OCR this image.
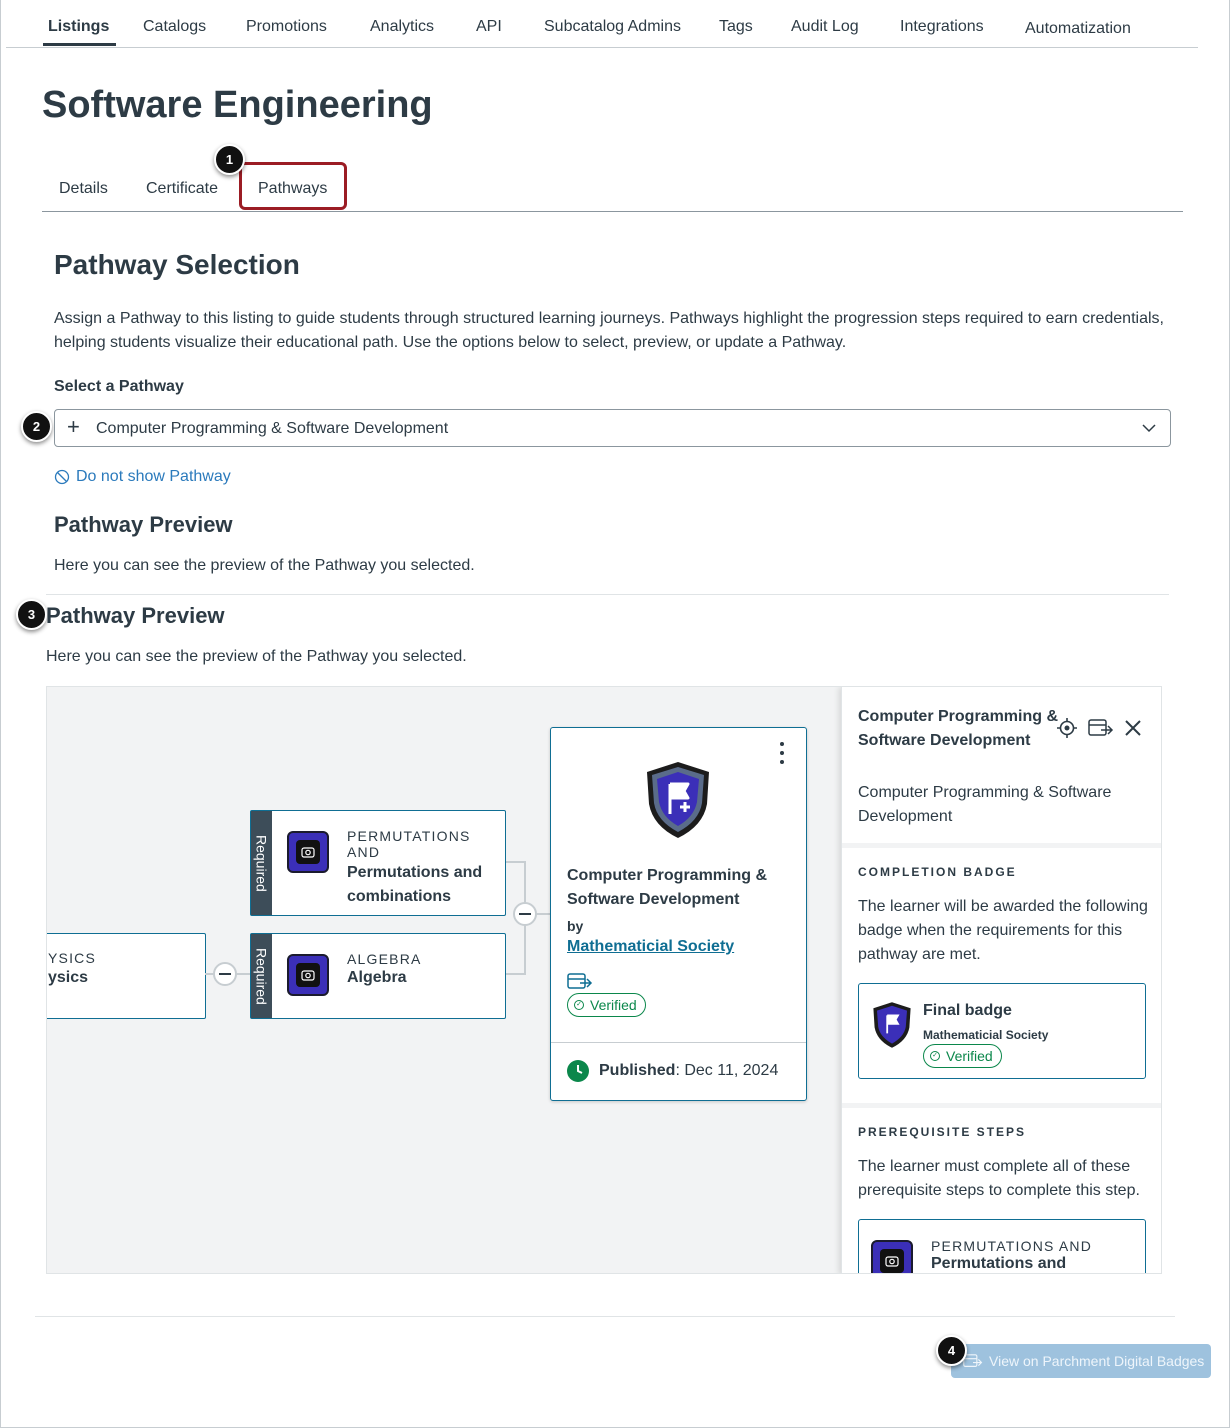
Listings Catalogs Promotions	Analytics	API	Subcatalog Admins Tags Audit Log	Integrations	Automatization
Software Engineering
Details Certificate Pathways
1
Pathway Selection

Assign a Pathway to this listing to guide students through structured learning journeys. Pathways highlight the progression steps required to earn credentials, helping students visualize their educational path. Use the options below to select, preview, or update a Pathway.

Select a Pathway
2	+ Computer Programming & Software Development
Do not show Pathway
Pathway Preview

Here you can see the preview of the Pathway you selected.

3 Pathway Preview

Here you can see the preview of the Pathway you selected.

YSICS
ysics
Required	PERMUTATIONS AND
Permutations and combinations
Required	ALGEBRA
Algebra
Computer Programming & Software Development
by
Mathematicial Society
✓ Verified
Published: Dec 11, 2024
Computer Programming & Software Development
Computer Programming & Software Development
COMPLETION BADGE
The learner will be awarded the following badge when the requirements for this pathway are met.
Final badge
Mathematicial Society
✓ Verified
PREREQUISITE STEPS
The learner must complete all of these prerequisite steps to complete this step.
PERMUTATIONS AND
Permutations and
View on Parchment Digital Badges
4
